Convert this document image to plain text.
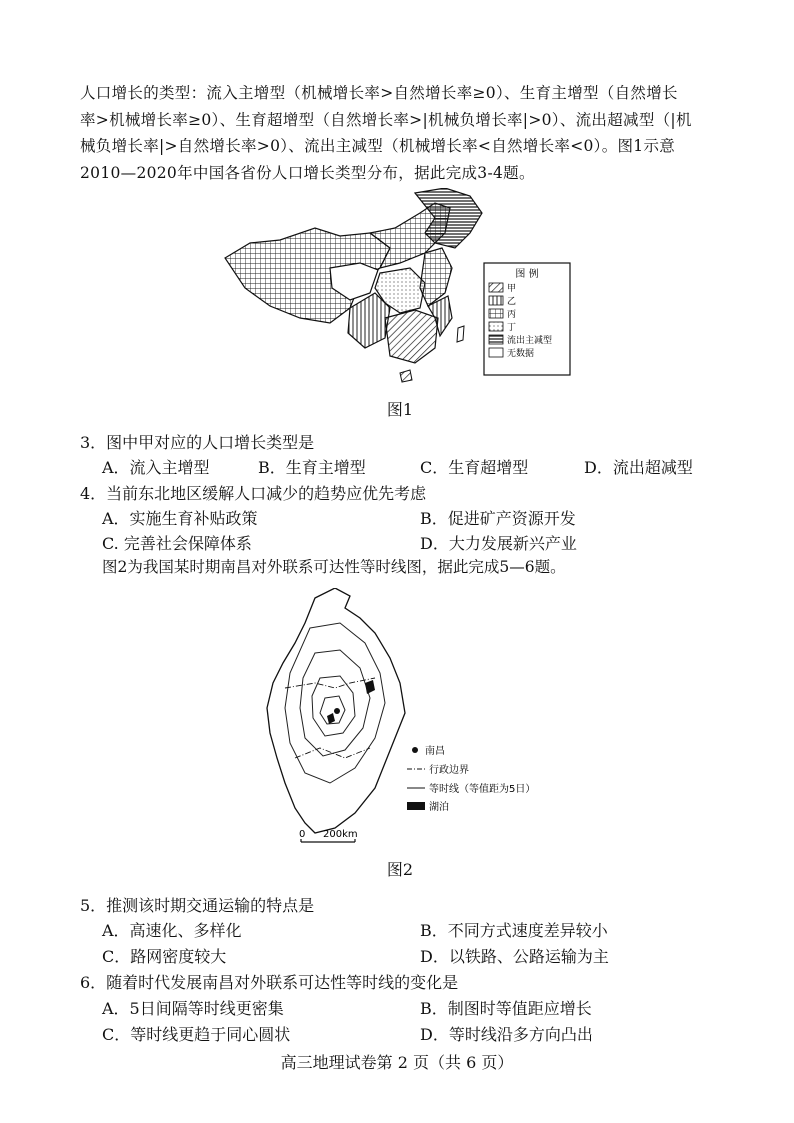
人口增长的类型：流入主增型（机械增长率>自然增长率≥0）、生育主增型（自然增长
率>机械增长率≥0）、生育超增型（自然增长率>|机械负增长率|>0）、流出超减型（|机
械负增长率|>自然增长率>0）、流出主减型（机械增长率<自然增长率<0）。图1示意
2010—2020年中国各省份人口增长类型分布，据此完成3-4题。
图 例
甲
乙
丙
丁
流出主减型
无数据
图1
3．图中甲对应的人口增长类型是
A．流入主增型	B．生育主增型	C．生育超增型	D．流出超减型
4．当前东北地区缓解人口减少的趋势应优先考虑
A．实施生育补贴政策	B．促进矿产资源开发
C. 完善社会保障体系	D．大力发展新兴产业
图2为我国某时期南昌对外联系可达性等时线图，据此完成5—6题。
南昌
行政边界
等时线（等值距为5日）
湖泊
0 200km
图2
5．推测该时期交通运输的特点是
A．高速化、多样化	B．不同方式速度差异较小
C．路网密度较大	D．以铁路、公路运输为主
6．随着时代发展南昌对外联系可达性等时线的变化是
A．5日间隔等时线更密集	B．制图时等值距应增长
C．等时线更趋于同心圆状	D．等时线沿多方向凸出
高三地理试卷第 2 页（共 6 页）
